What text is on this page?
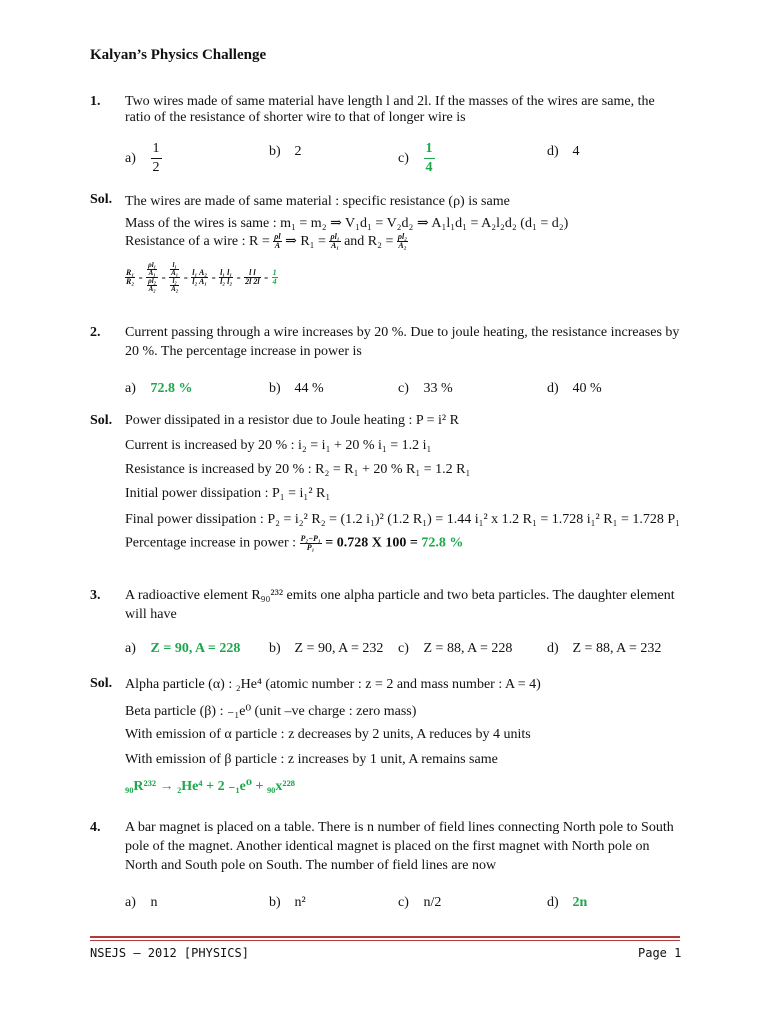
Kalyan’s Physics Challenge
1. Two wires made of same material have length l and 2l. If the masses of the wires are same, the
ratio of the resistance of shorter wire to that of longer wire is
$a) \frac{1}{2}$	b) 2	$c) \frac{1}{4}$	d) 4
Sol. The wires are made of same material : specific resistance (ρ) is same
Mass of the wires is same : m₁ = m₂ ⇒ V₁d₁ = V₂d₂ ⇒ A₁l₁d₁ = A₂l₂d₂ (d₁ = d₂)
Resistance of a wire : $R = \frac{\rho l}{A}$ ⇒ $R_1 = \frac{\text{ρl₁}}{\text{A₁}}$ and $R_2 = \frac{\text{ρl₂}}{\text{A₂}}$
$\frac{\text{R₁}}{\text{R₂}} = \frac{\frac{\text{ρl₁}}{\text{A₁}}}{\frac{\text{ρl₂}}{\text{A₂}}} = \frac{\frac{\text{l₁}}{\text{A₁}}}{\frac{\text{l₂}}{\text{A₂}}} = \frac{\text{l₁ A₂}}{\text{l₂ A₁}} = \frac{\text{l₁ l₁}}{\text{l₂ l₂}} = \frac{\text{l l}}{2l 2l} = \frac{1}{4}$
2. Current passing through a wire increases by 20 %. Due to joule heating, the resistance increases by
20 %. The percentage increase in power is
a) 72.8 %	b) 44 %	c) 33 %	d) 40 %
Sol. Power dissipated in a resistor due to Joule heating : P = i² R
Current is increased by 20 % : i₂ = i₁ + 20 % i₁ = 1.2 i₁
Resistance is increased by 20 % : R₂ = R₁ + 20 % R₁ = 1.2 R₁
Initial power dissipation : P₁ = i₁² R₁
Final power dissipation : P₂ = i₂² R₂ = (1.2 i₁)² (1.2 R₁) = 1.44 i₁² x 1.2 R₁ = 1.728 i₁² R₁ = 1.728 P₁
Percentage increase in power : $\frac{\text{P₂−P₁}}{\text{P₁}} = 0.728$ X 100 = 72.8 %
3. A radioactive element R₉₀²³² emits one alpha particle and two beta particles. The daughter element
will have
a) Z = 90, A = 228 b) Z = 90, A = 232 c) Z = 88, A = 228 d) Z = 88, A = 232
Sol. Alpha particle (α) : ₂He⁴ (atomic number : z = 2 and mass number : A = 4)
Beta particle (β) : ₋₁e⁰ (unit –ve charge : zero mass)
With emission of α particle : z decreases by 2 units, A reduces by 4 units
With emission of β particle : z increases by 1 unit, A remains same
₉₀R²³² → ₂He⁴ + 2 ₋₁e⁰ + ₉₀x²²⁸
4. A bar magnet is placed on a table. There is n number of field lines connecting North pole to South
pole of the magnet. Another identical magnet is placed on the first magnet with North pole on
North and South pole on South. The number of field lines are now
a) n	b) n²	c) n/2	d) 2n
NSEJS – 2012 [PHYSICS]	Page 1
